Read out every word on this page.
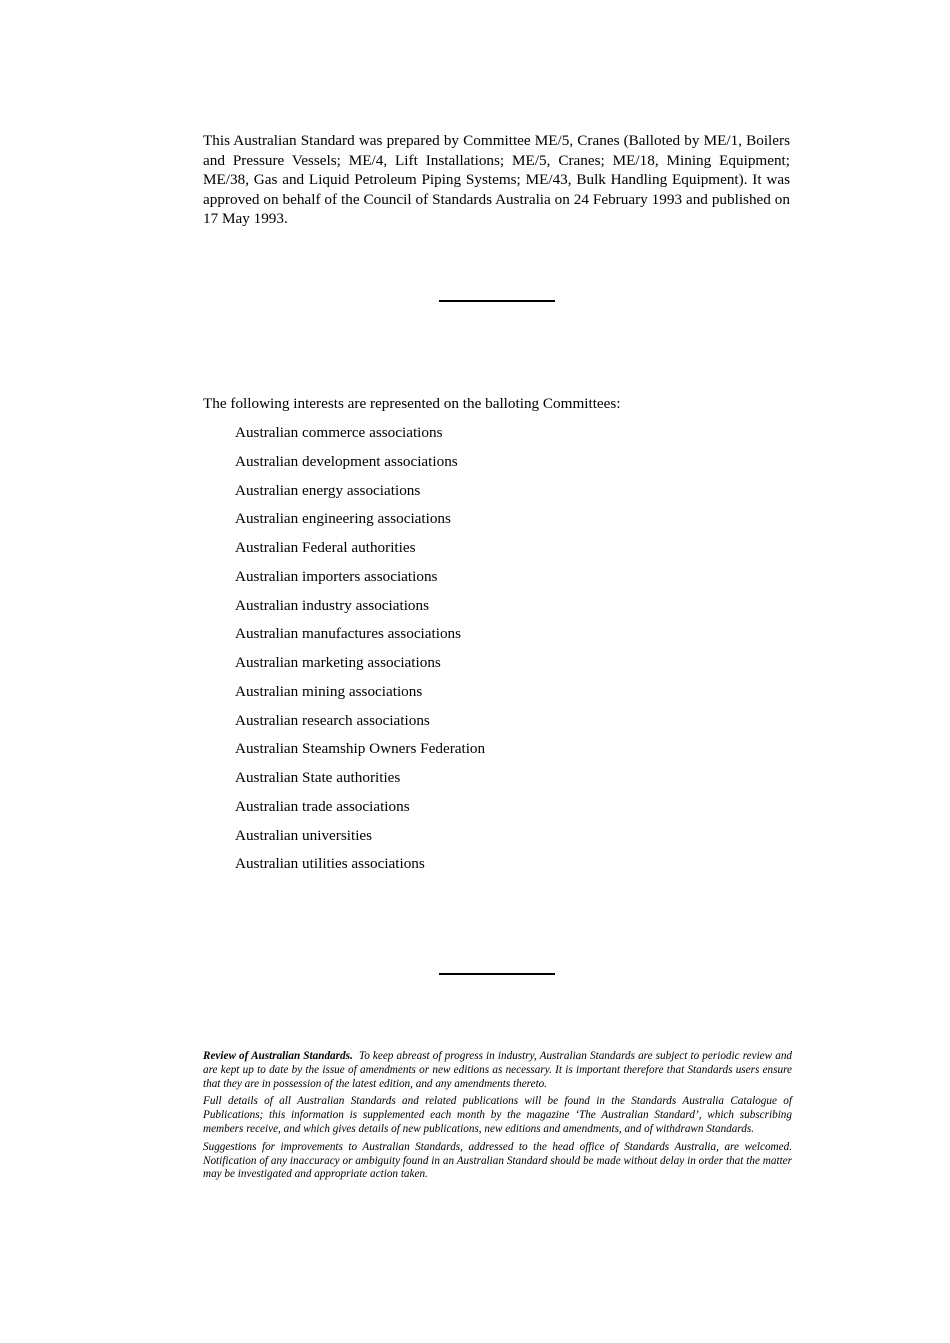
This Australian Standard was prepared by Committee ME/5, Cranes (Balloted by ME/1, Boilers and Pressure Vessels; ME/4, Lift Installations; ME/5, Cranes; ME/18, Mining Equipment; ME/38, Gas and Liquid Petroleum Piping Systems; ME/43, Bulk Handling Equipment). It was approved on behalf of the Council of Standards Australia on 24 February 1993 and published on 17 May 1993.

The following interests are represented on the balloting Committees:

Australian commerce associations
Australian development associations
Australian energy associations
Australian engineering associations
Australian Federal authorities
Australian importers associations
Australian industry associations
Australian manufactures associations
Australian marketing associations
Australian mining associations
Australian research associations
Australian Steamship Owners Federation
Australian State authorities
Australian trade associations
Australian universities
Australian utilities associations

Review of Australian Standards. To keep abreast of progress in industry, Australian Standards are subject to periodic review and are kept up to date by the issue of amendments or new editions as necessary. It is important therefore that Standards users ensure that they are in possession of the latest edition, and any amendments thereto.

Full details of all Australian Standards and related publications will be found in the Standards Australia Catalogue of Publications; this information is supplemented each month by the magazine ‘The Australian Standard’, which subscribing members receive, and which gives details of new publications, new editions and amendments, and of withdrawn Standards.

Suggestions for improvements to Australian Standards, addressed to the head office of Standards Australia, are welcomed. Notification of any inaccuracy or ambiguity found in an Australian Standard should be made without delay in order that the matter may be investigated and appropriate action taken.
